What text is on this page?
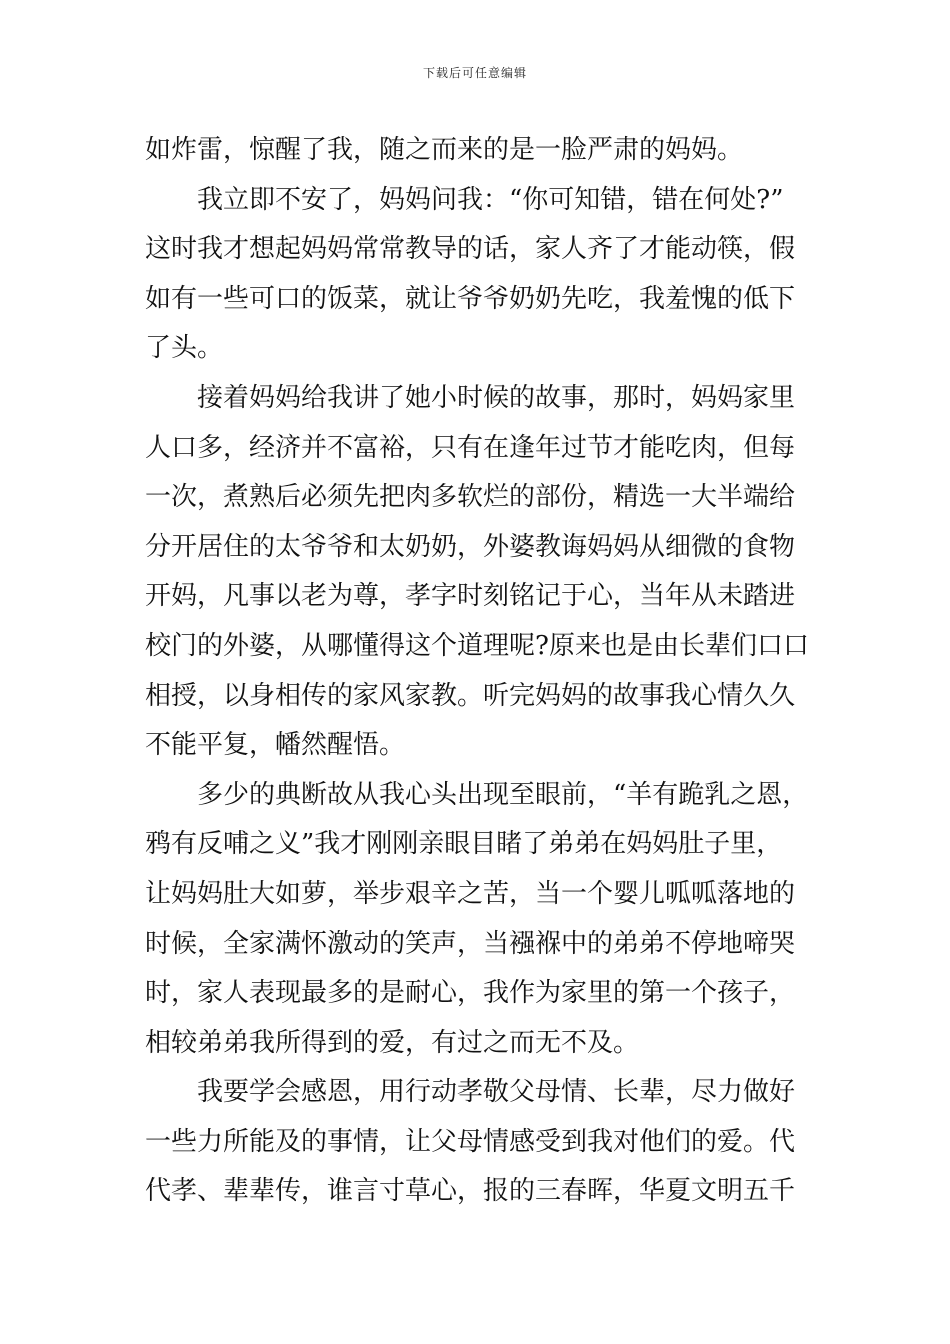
下载后可任意编辑
如炸雷，惊醒了我，随之而来的是一脸严肃的妈妈。
我立即不安了，妈妈问我：“你可知错，错在何处?”
这时我才想起妈妈常常教导的话，家人齐了才能动筷，假
如有一些可口的饭菜，就让爷爷奶奶先吃，我羞愧的低下
了头。
接着妈妈给我讲了她小时候的故事，那时，妈妈家里
人口多，经济并不富裕，只有在逢年过节才能吃肉，但每
一次，煮熟后必须先把肉多软烂的部份，精选一大半端给
分开居住的太爷爷和太奶奶，外婆教诲妈妈从细微的食物
开妈，凡事以老为尊，孝字时刻铭记于心，当年从未踏进
校门的外婆，从哪懂得这个道理呢?原来也是由长辈们口口
相授，以身相传的家风家教。听完妈妈的故事我心情久久
不能平复，幡然醒悟。
多少的典断故从我心头出现至眼前，“羊有跪乳之恩，
鸦有反哺之义”我才刚刚亲眼目睹了弟弟在妈妈肚子里，
让妈妈肚大如萝，举步艰辛之苦，当一个婴儿呱呱落地的
时候，全家满怀激动的笑声，当襁褓中的弟弟不停地啼哭
时，家人表现最多的是耐心，我作为家里的第一个孩子，
相较弟弟我所得到的爱，有过之而无不及。
我要学会感恩，用行动孝敬父母情、长辈，尽力做好
一些力所能及的事情，让父母情感受到我对他们的爱。代
代孝、辈辈传，谁言寸草心，报的三春晖，华夏文明五千
